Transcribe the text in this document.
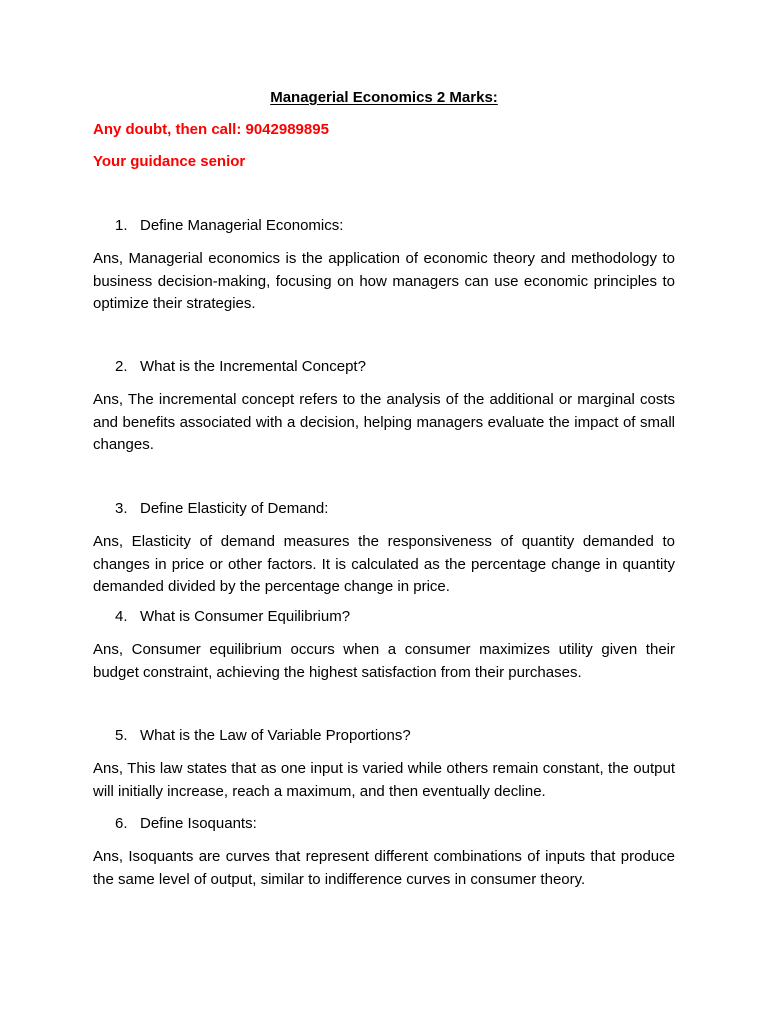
Managerial Economics 2 Marks:
Any doubt, then call: 9042989895
Your guidance senior
1. Define Managerial Economics:
Ans, Managerial economics is the application of economic theory and methodology to business decision-making, focusing on how managers can use economic principles to optimize their strategies.
2. What is the Incremental Concept?
Ans, The incremental concept refers to the analysis of the additional or marginal costs and benefits associated with a decision, helping managers evaluate the impact of small changes.
3. Define Elasticity of Demand:
Ans, Elasticity of demand measures the responsiveness of quantity demanded to changes in price or other factors. It is calculated as the percentage change in quantity demanded divided by the percentage change in price.
4. What is Consumer Equilibrium?
Ans, Consumer equilibrium occurs when a consumer maximizes utility given their budget constraint, achieving the highest satisfaction from their purchases.
5. What is the Law of Variable Proportions?
Ans, This law states that as one input is varied while others remain constant, the output will initially increase, reach a maximum, and then eventually decline.
6. Define Isoquants:
Ans, Isoquants are curves that represent different combinations of inputs that produce the same level of output, similar to indifference curves in consumer theory.
